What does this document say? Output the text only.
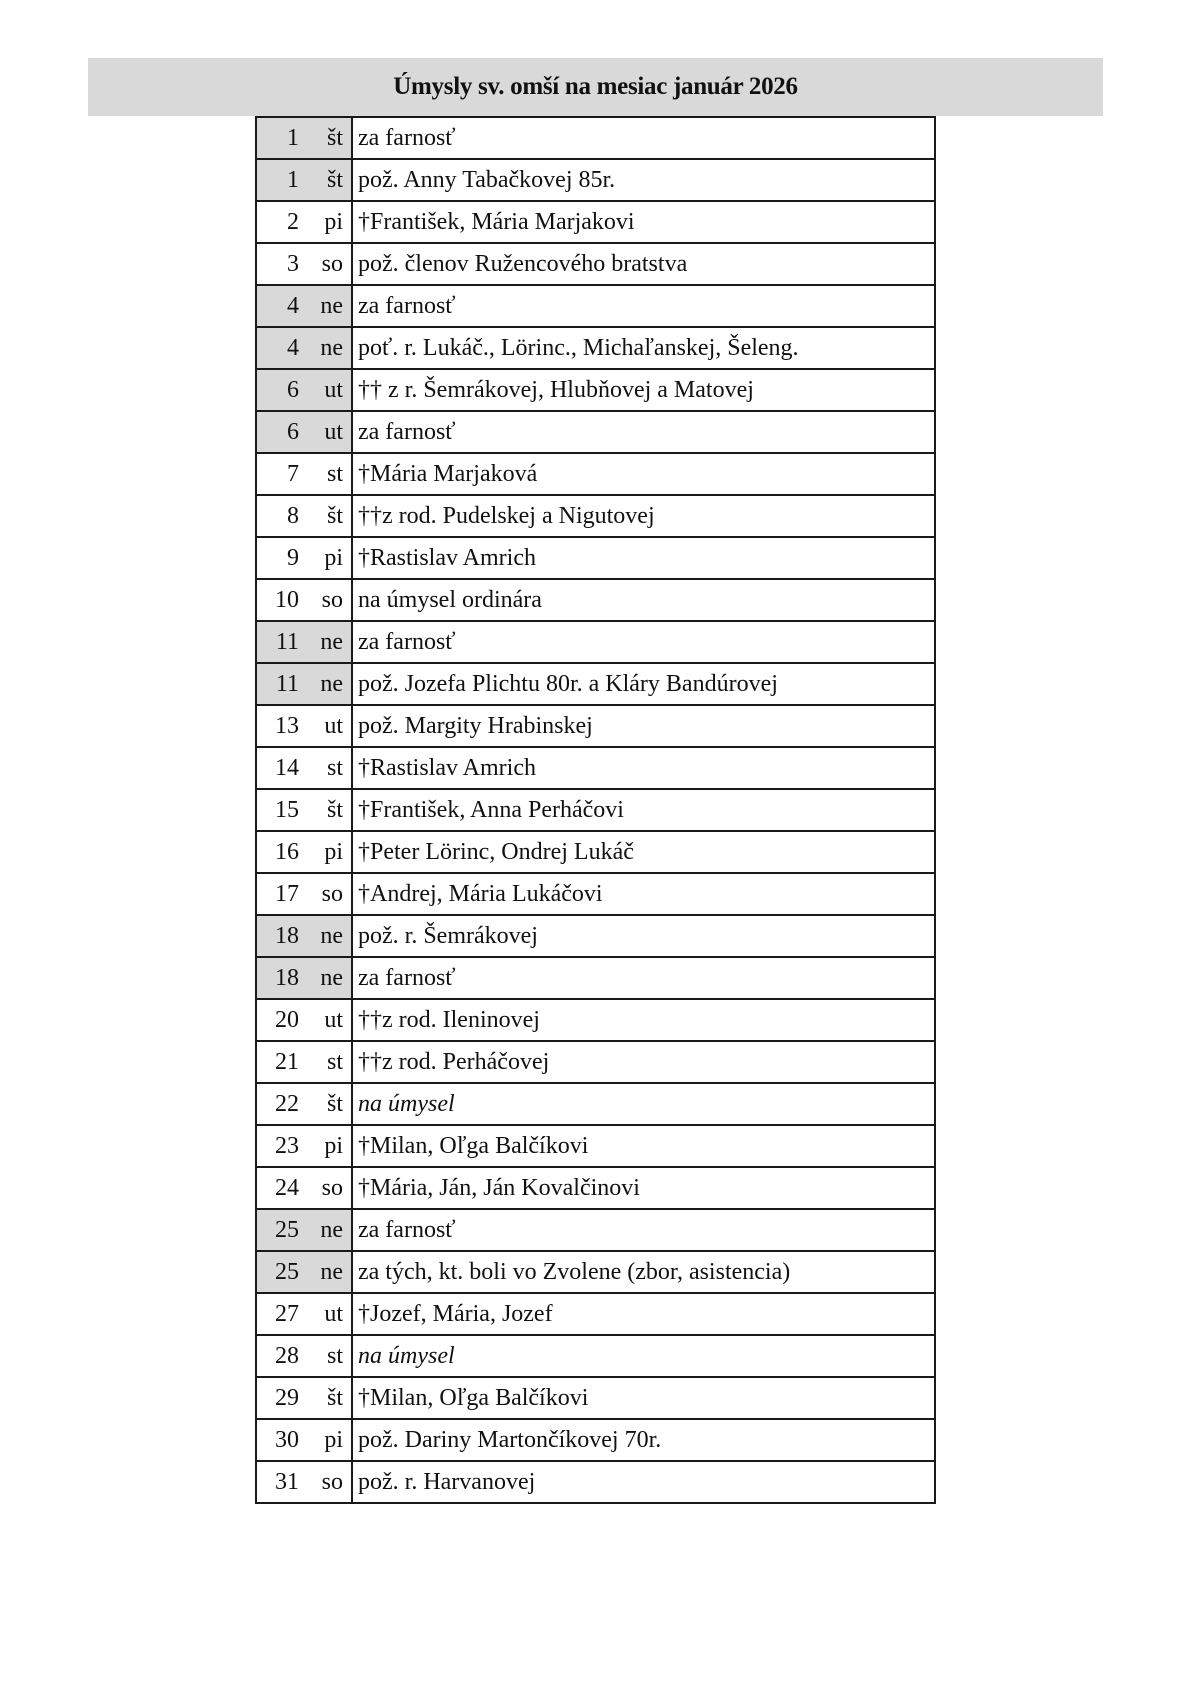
Úmysly sv. omší na mesiac január 2026
1 št	za farnosť

1 št	pož. Anny Tabačkovej 85r.

2 pi	†František, Mária Marjakovi

3 so	pož. členov Ružencového bratstva

4 ne	za farnosť

4 ne	poť. r. Lukáč., Lörinc., Michaľanskej, Šeleng.

6 ut	†† z r. Šemrákovej, Hlubňovej a Matovej

6 ut	za farnosť

7 st	†Mária Marjaková

8 št	††z rod. Pudelskej a Nigutovej

9 pi	†Rastislav Amrich

10 so	na úmysel ordinára

11 ne	za farnosť

11 ne	pož. Jozefa Plichtu 80r. a Kláry Bandúrovej

13 ut	pož. Margity Hrabinskej

14 st	†Rastislav Amrich

15 št	†František, Anna Perháčovi

16 pi	†Peter Lörinc, Ondrej Lukáč

17 so	†Andrej, Mária Lukáčovi

18 ne	pož. r. Šemrákovej

18 ne	za farnosť

20 ut	††z rod. Ileninovej

21 st	††z rod. Perháčovej

22 št	na úmysel

23 pi	†Milan, Oľga Balčíkovi

24 so	†Mária, Ján, Ján Kovalčinovi

25 ne	za farnosť

25 ne	za tých, kt. boli vo Zvolene (zbor, asistencia)

27 ut	†Jozef, Mária, Jozef

28 st	na úmysel

29 št	†Milan, Oľga Balčíkovi

30 pi	pož. Dariny Martončíkovej 70r.

31 so	pož. r. Harvanovej
